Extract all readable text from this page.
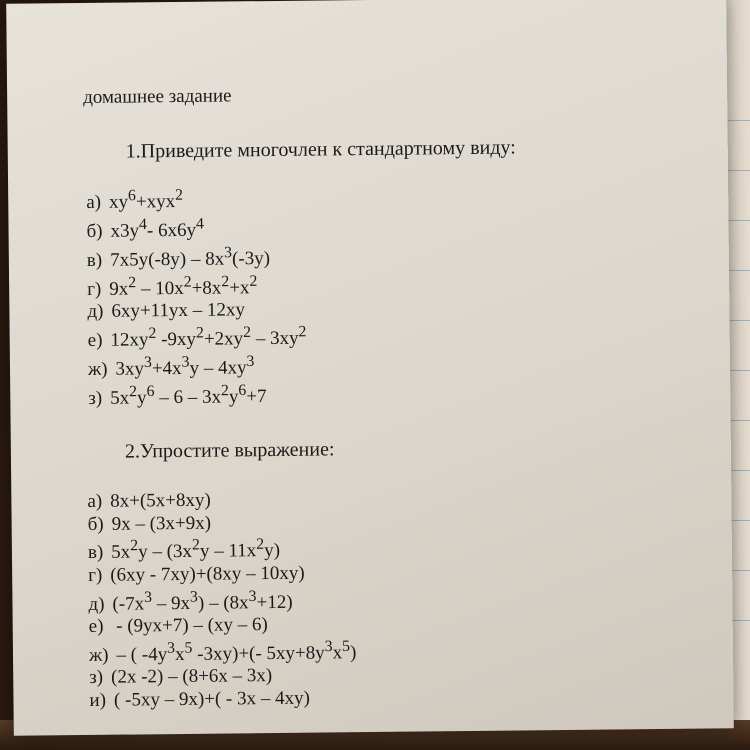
домашнее задание
1.Приведите многочлен к стандартному виду:
а) $xy^6+xyx^2$
б) $x3y^4-$ $6x6y^4$
в) $7x5y(-8y) - 8x^3(-3y)$
г) $9x^2 - 10x^2+8x^2+x^2$
д) 6xy+11yx – 12xy
е) $12xy^2$ $-9xy^2+2xy^2 - 3xy^2$
ж) $3xy^3+4x^3y - 4xy^3$
з) $5x^2y^6 - 6 - 3x^2y^6+7$
2.Упростите выражение:
а) 8x+(5x+8xy)
б) 9x – (3x+9x)
в) $5x^2y - (3x^2y - 11x^2y)$
г) (6xy - 7xy)+(8xy – 10xy)
д) $(-7x^3 - 9x^3) - (8x^3+12)$
е) - (9yx+7) – (xy – 6)
ж) – ( $-4y^3x^5$ -3xy)+(- $5xy+8y^3x^5$)
з) (2x -2) – (8+6x – 3x)
и) ( -5xy – 9x)+( - 3x – 4xy)
